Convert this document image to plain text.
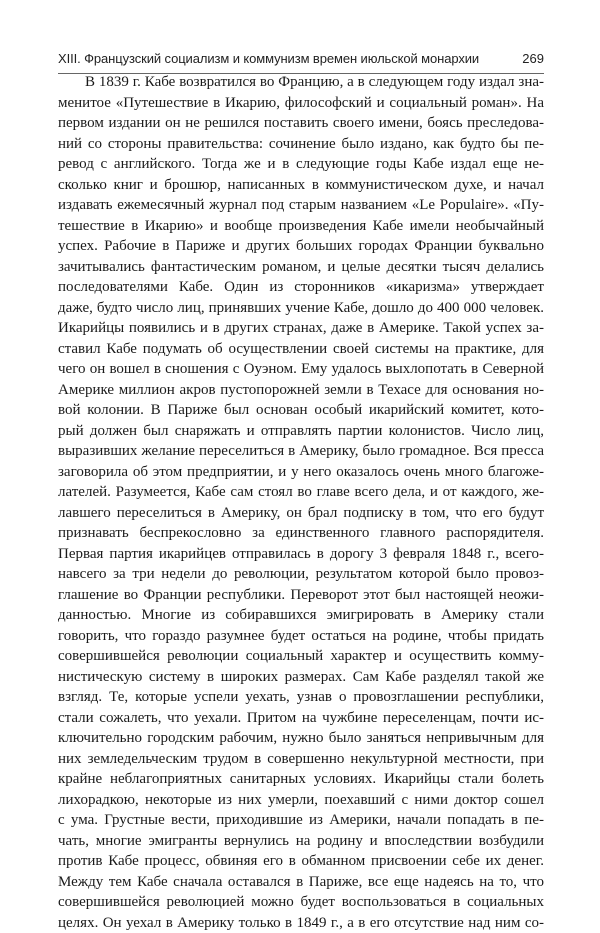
XIII. Французский социализм и коммунизм времен июльской монархии	269
В 1839 г. Кабе возвратился во Францию, а в следующем году издал зна-
менитое «Путешествие в Икарию, философский и социальный роман». На
первом издании он не решился поставить своего имени, боясь преследова-
ний со стороны правительства: сочинение было издано, как будто бы пе-
ревод с английского. Тогда же и в следующие годы Кабе издал еще не-
сколько книг и брошюр, написанных в коммунистическом духе, и начал
издавать ежемесячный журнал под старым названием «Le Populaire». «Пу-
тешествие в Икарию» и вообще произведения Кабе имели необычайный
успех. Рабочие в Париже и других больших городах Франции буквально
зачитывались фантастическим романом, и целые десятки тысяч делались
последователями Кабе. Один из сторонников «икаризма» утверждает
даже, будто число лиц, принявших учение Кабе, дошло до 400 000 человек.
Икарийцы появились и в других странах, даже в Америке. Такой успех за-
ставил Кабе подумать об осуществлении своей системы на практике, для
чего он вошел в сношения с Оуэном. Ему удалось выхлопотать в Северной
Америке миллион акров пустопорожней земли в Техасе для основания но-
вой колонии. В Париже был основан особый икарийский комитет, кото-
рый должен был снаряжать и отправлять партии колонистов. Число лиц,
выразивших желание переселиться в Америку, было громадное. Вся пресса
заговорила об этом предприятии, и у него оказалось очень много благоже-
лателей. Разумеется, Кабе сам стоял во главе всего дела, и от каждого, же-
лавшего переселиться в Америку, он брал подписку в том, что его будут
признавать беспрекословно за единственного главного распорядителя.
Первая партия икарийцев отправилась в дорогу 3 февраля 1848 г., всего-
навсего за три недели до революции, результатом которой было провоз-
глашение во Франции республики. Переворот этот был настоящей неожи-
данностью. Многие из собиравшихся эмигрировать в Америку стали
говорить, что гораздо разумнее будет остаться на родине, чтобы придать
совершившейся революции социальный характер и осуществить комму-
нистическую систему в широких размерах. Сам Кабе разделял такой же
взгляд. Те, которые успели уехать, узнав о провозглашении республики,
стали сожалеть, что уехали. Притом на чужбине переселенцам, почти ис-
ключительно городским рабочим, нужно было заняться непривычным для
них земледельческим трудом в совершенно некультурной местности, при
крайне неблагоприятных санитарных условиях. Икарийцы стали болеть
лихорадкою, некоторые из них умерли, поехавший с ними доктор сошел
с ума. Грустные вести, приходившие из Америки, начали попадать в пе-
чать, многие эмигранты вернулись на родину и впоследствии возбудили
против Кабе процесс, обвиняя его в обманном присвоении себе их денег.
Между тем Кабе сначала оставался в Париже, все еще надеясь на то, что
совершившейся революцией можно будет воспользоваться в социальных
целях. Он уехал в Америку только в 1849 г., а в его отсутствие над ним со-
